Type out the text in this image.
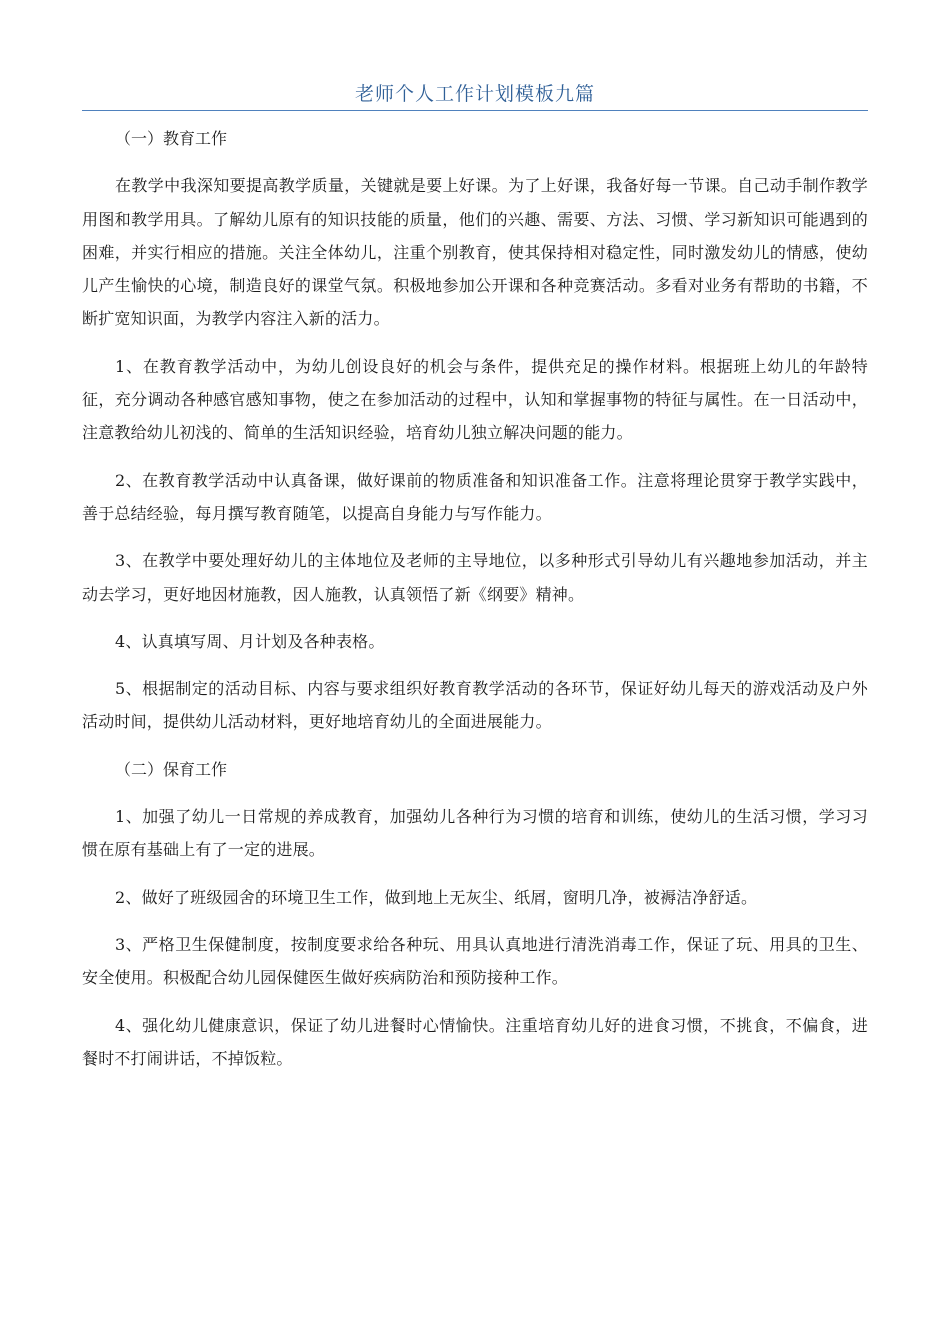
老师个人工作计划模板九篇

（一）教育工作

在教学中我深知要提高教学质量，关键就是要上好课。为了上好课，我备好每一节课。自己动手制作教学用图和教学用具。了解幼儿原有的知识技能的质量，他们的兴趣、需要、方法、习惯、学习新知识可能遇到的困难，并实行相应的措施。关注全体幼儿，注重个别教育，使其保持相对稳定性，同时激发幼儿的情感，使幼儿产生愉快的心境，制造良好的课堂气氛。积极地参加公开课和各种竞赛活动。多看对业务有帮助的书籍，不断扩宽知识面，为教学内容注入新的活力。

1、在教育教学活动中，为幼儿创设良好的机会与条件，提供充足的操作材料。根据班上幼儿的年龄特征，充分调动各种感官感知事物，使之在参加活动的过程中，认知和掌握事物的特征与属性。在一日活动中，注意教给幼儿初浅的、简单的生活知识经验，培育幼儿独立解决问题的能力。

2、在教育教学活动中认真备课，做好课前的物质准备和知识准备工作。注意将理论贯穿于教学实践中，善于总结经验，每月撰写教育随笔，以提高自身能力与写作能力。

3、在教学中要处理好幼儿的主体地位及老师的主导地位，以多种形式引导幼儿有兴趣地参加活动，并主动去学习，更好地因材施教，因人施教，认真领悟了新《纲要》精神。

4、认真填写周、月计划及各种表格。

5、根据制定的活动目标、内容与要求组织好教育教学活动的各环节，保证好幼儿每天的游戏活动及户外活动时间，提供幼儿活动材料，更好地培育幼儿的全面进展能力。

（二）保育工作

1、加强了幼儿一日常规的养成教育，加强幼儿各种行为习惯的培育和训练，使幼儿的生活习惯，学习习惯在原有基础上有了一定的进展。

2、做好了班级园舍的环境卫生工作，做到地上无灰尘、纸屑，窗明几净，被褥洁净舒适。

3、严格卫生保健制度，按制度要求给各种玩、用具认真地进行清洗消毒工作，保证了玩、用具的卫生、安全使用。积极配合幼儿园保健医生做好疾病防治和预防接种工作。

4、强化幼儿健康意识，保证了幼儿进餐时心情愉快。注重培育幼儿好的进食习惯，不挑食，不偏食，进餐时不打闹讲话，不掉饭粒。
